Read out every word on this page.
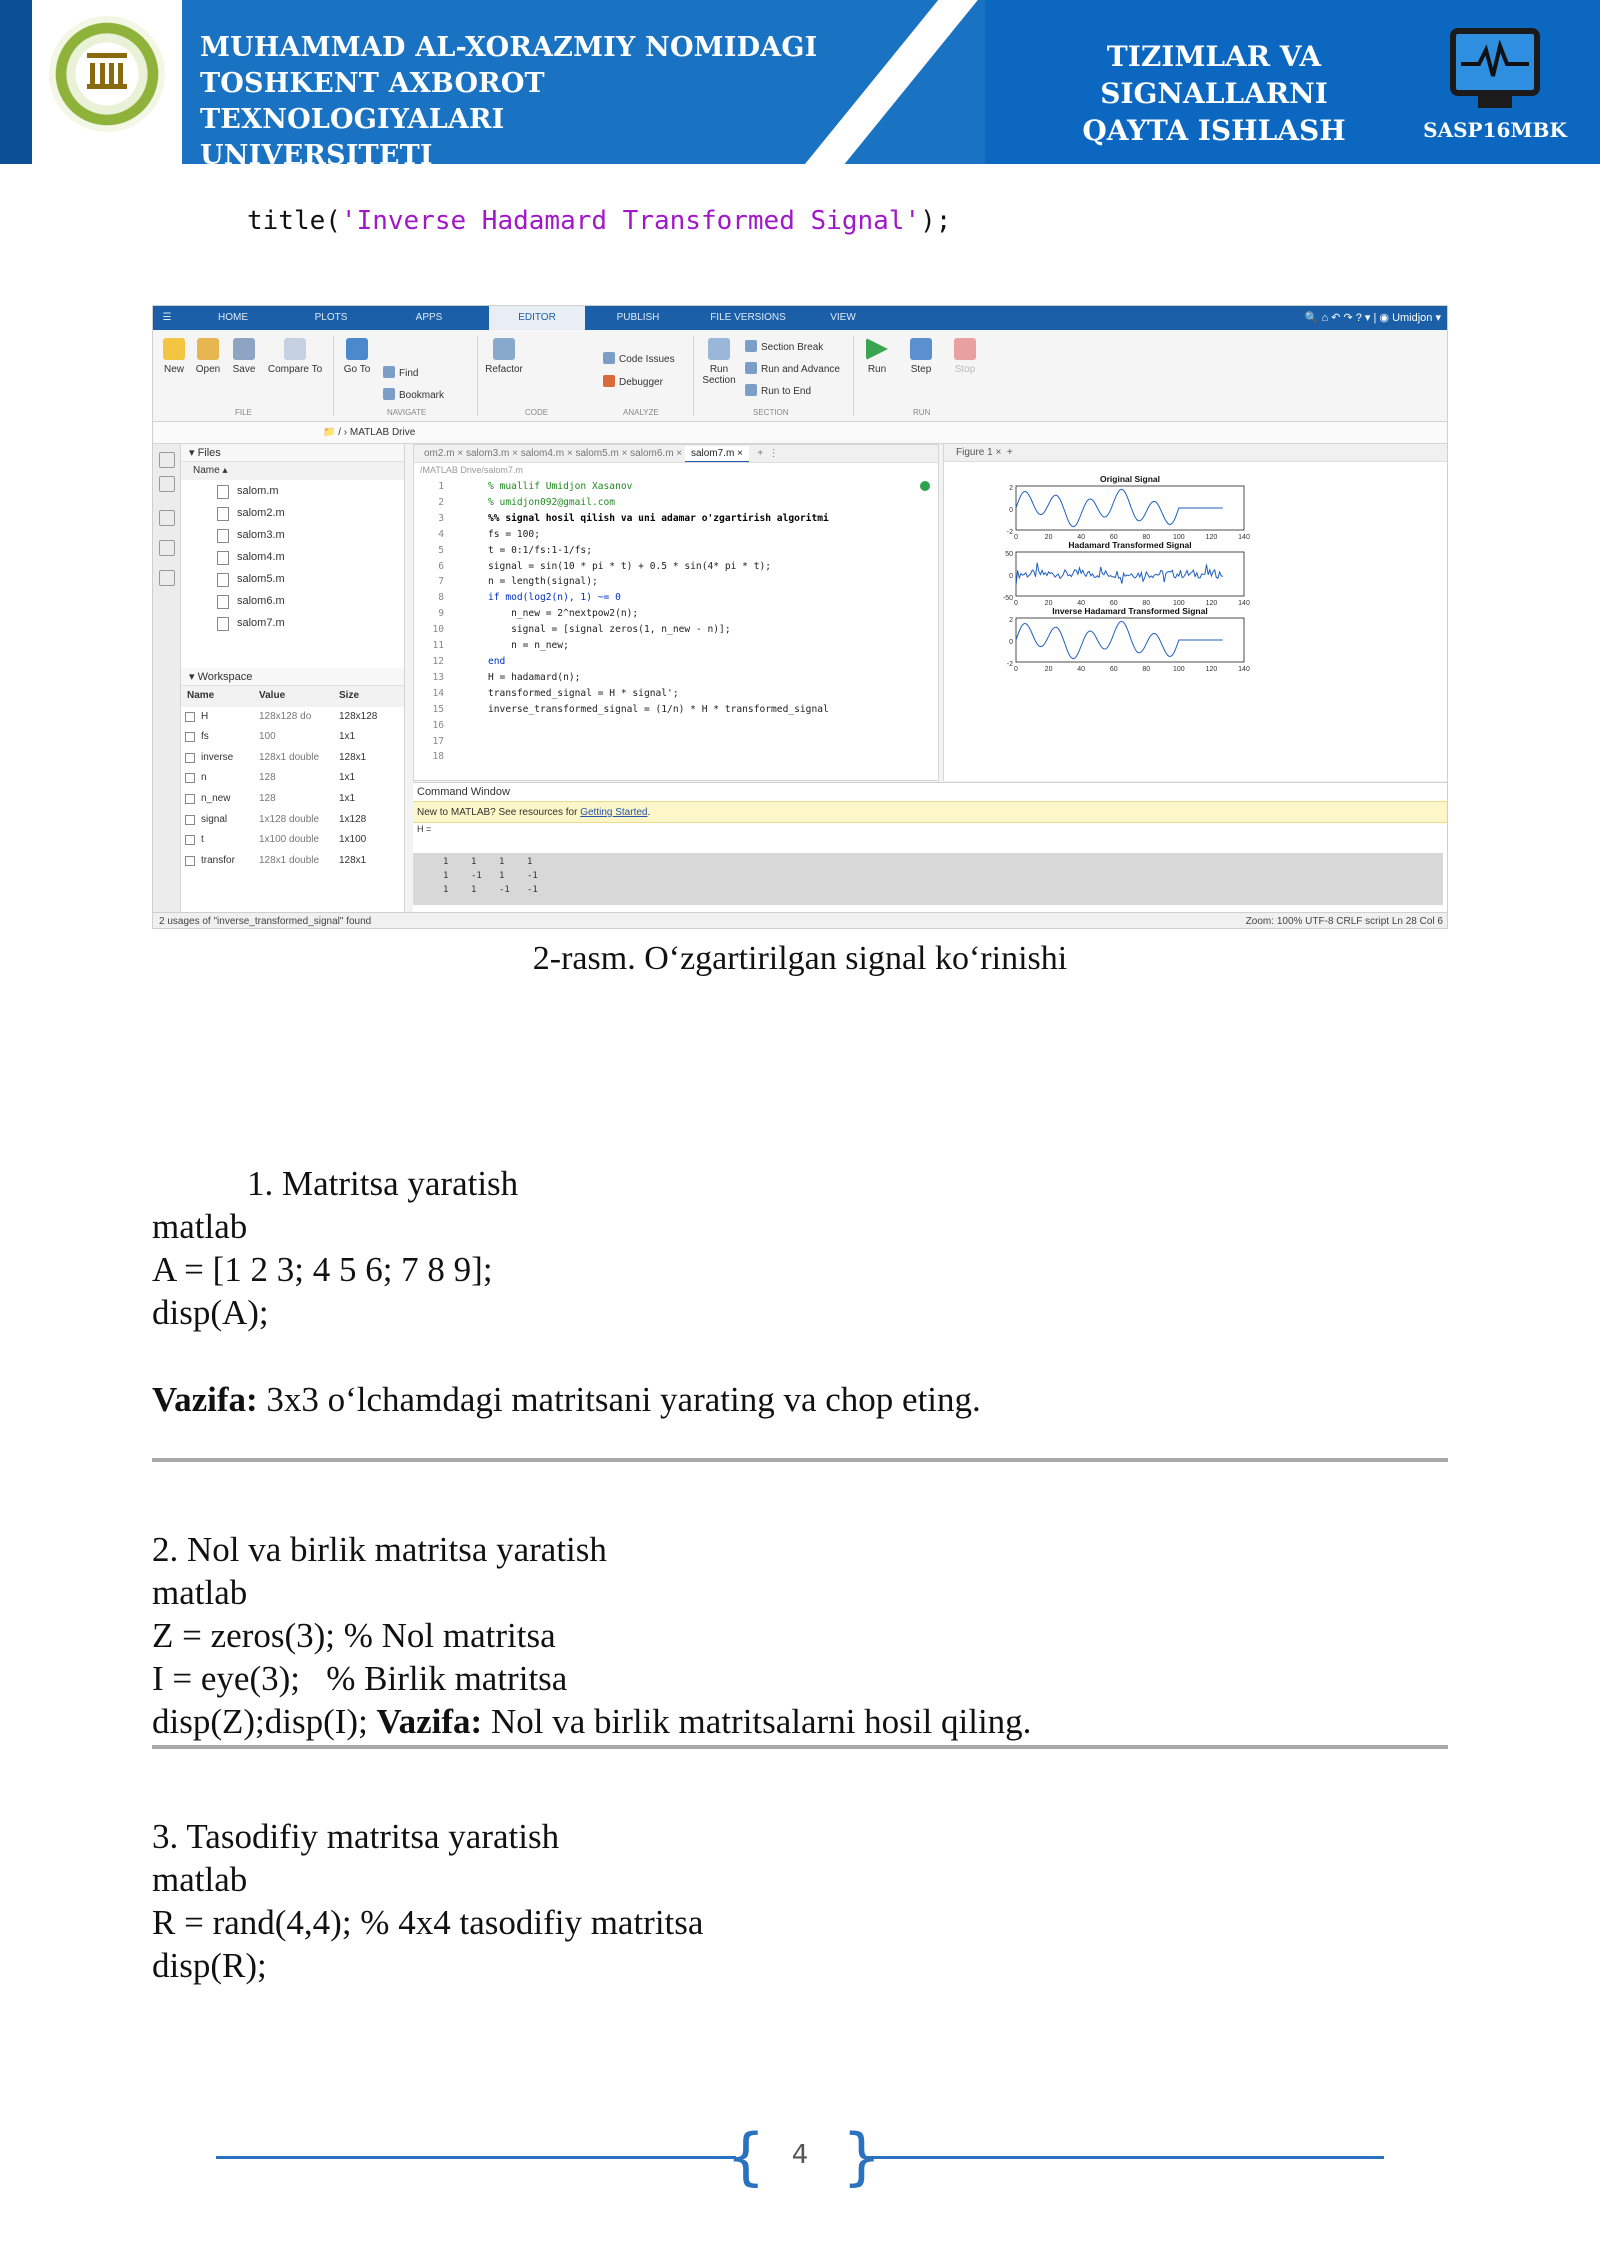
MUHAMMAD AL-XORAZMIY NOMIDAGI
TOSHKENT AXBOROT TEXNOLOGIYALARI
UNIVERSITETI
TIZIMLAR VA SIGNALLARNI
QAYTA ISHLASH	SASP16MBK
title('Inverse Hadamard Transformed Signal');
☰	HOME	PLOTS	APPS	EDITOR	PUBLISH	FILE VERSIONS	VIEW	🔍 ⌂ ↶ ↷ ? ▾ | ◉ Umidjon ▾
New	Open	Save	Compare To
FILE
Go To	Find
Bookmark
NAVIGATE
Refactor
CODE
Code Issues
Debugger
ANALYZE
Run Section
Section Break
Run and Advance
Run to End
SECTION
Run	Step	Stop
RUN
📁 / › MATLAB Drive
▾ Files
Name ▴
salom.m
salom2.m
salom3.m
salom4.m
salom5.m
salom6.m
salom7.m
▾ Workspace
Name	Value	Size
H	128x128 do	128x128
fs	100	1x1
inverse	128x1 double 128x1
n	128	1x1
n_new	128	1x1
signal	1x128 double 1x128
t	1x100 double 1x100
transfor 128x1 double 128x1
om2.m × salom3.m × salom4.m × salom5.m × salom6.m × salom7.m ×   +  ⋮
/MATLAB Drive/salom7.m

1
2
3
4
5
6
7
8
9
10
11
12
13
14
15
16
17
18

% muallif Umidjon Xasanov
% umidjon092@gmail.com
%% signal hosil qilish va uni adamar o'zgartirish algoritmi
fs = 100;
t = 0:1/fs:1-1/fs;
signal = sin(10 * pi * t) + 0.5 * sin(4* pi * t);
n = length(signal);
if mod(log2(n), 1) ~= 0
n_new = 2^nextpow2(n);
signal = [signal zeros(1, n_new - n)];
n = n_new;
end
H = hadamard(n);
transformed_signal = H * signal';
inverse_transformed_signal = (1/n) * H * transformed_signal

Figure 1 ×  +
Original Signal
2
0
-2
0	20	40	60	80	100	120	140
Hadamard Transformed Signal
50
0
-50
0	20	40	60	80	100	120	140
Inverse Hadamard Transformed Signal
2
0
-2
0	20	40	60	80	100	120	140
Command Window
New to MATLAB? See resources for Getting Started.
H =
1	1	1	1
1	-1 1	-1
1	1	-1 -1
2 usages of "inverse_transformed_signal" found	Zoom: 100% UTF-8 CRLF script Ln 28 Col 6
2-rasm. O‘zgartirilgan signal ko‘rinishi
1. Matritsa yaratish
matlab
A = [1 2 3; 4 5 6; 7 8 9];
disp(A);
Vazifa: 3x3 o‘lchamdagi matritsani yarating va chop eting.
2. Nol va birlik matritsa yaratish
matlab
Z = zeros(3); % Nol matritsa
I = eye(3);   % Birlik matritsa
disp(Z);disp(I); Vazifa: Nol va birlik matritsalarni hosil qiling.
3. Tasodifiy matritsa yaratish
matlab
R = rand(4,4); % 4x4 tasodifiy matritsa
disp(R);
{ }
4
